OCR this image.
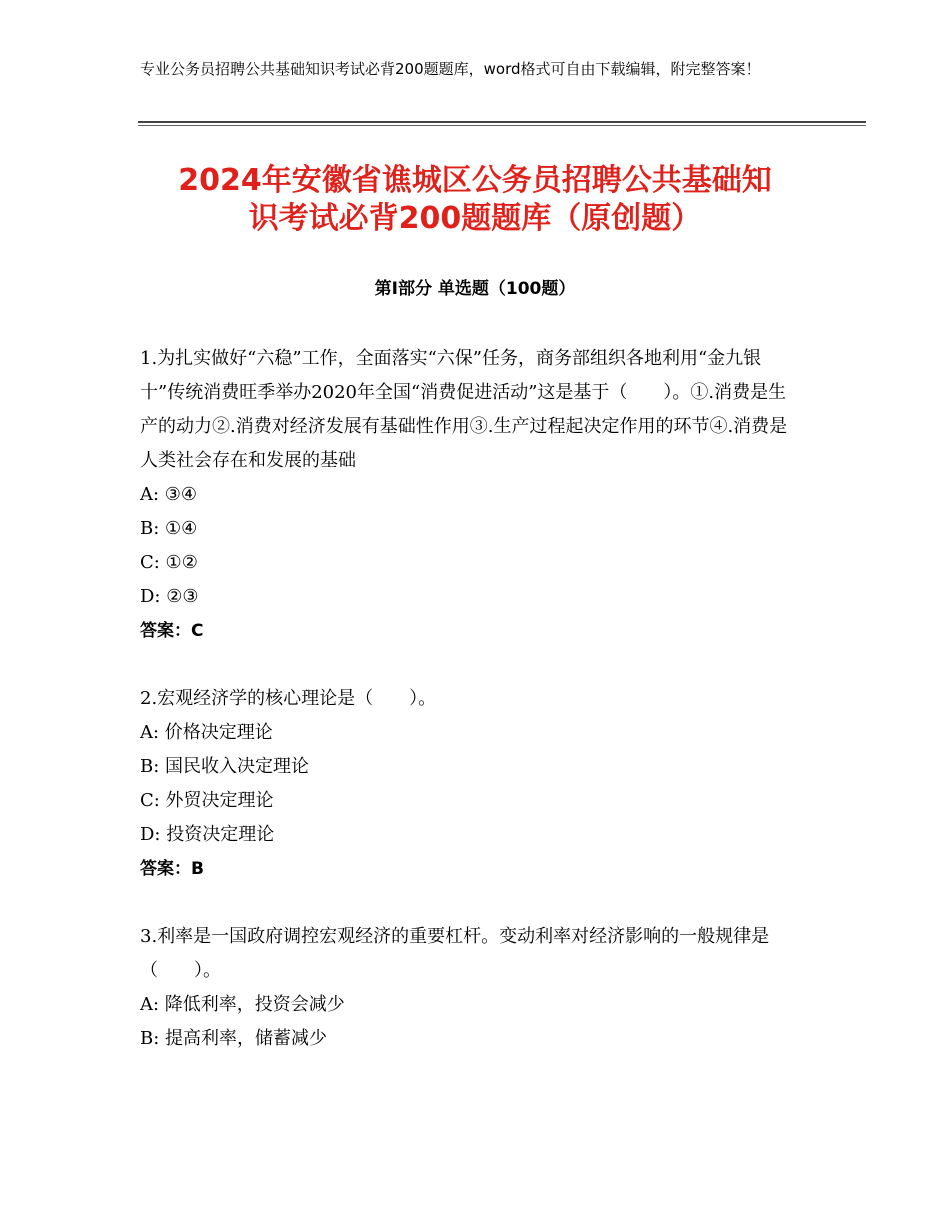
专业公务员招聘公共基础知识考试必背200题题库，word格式可自由下载编辑，附完整答案！
2024年安徽省谯城区公务员招聘公共基础知
识考试必背200题题库（原创题）
第Ⅰ部分 单选题（100题）

1.为扎实做好“六稳”工作，全面落实“六保”任务，商务部组织各地利用“金九银十”传统消费旺季举办2020年全国“消费促进活动”这是基于（　　）。①.消费是生产的动力②.消费对经济发展有基础性作用③.生产过程起决定作用的环节④.消费是人类社会存在和发展的基础

A: ③④

B: ①④

C: ①②

D: ②③

答案：C

2.宏观经济学的核心理论是（　　）。

A: 价格决定理论

B: 国民收入决定理论

C: 外贸决定理论

D: 投资决定理论

答案：B

3.利率是一国政府调控宏观经济的重要杠杆。变动利率对经济影响的一般规律是（　　）。

A: 降低利率，投资会减少

B: 提高利率，储蓄减少
